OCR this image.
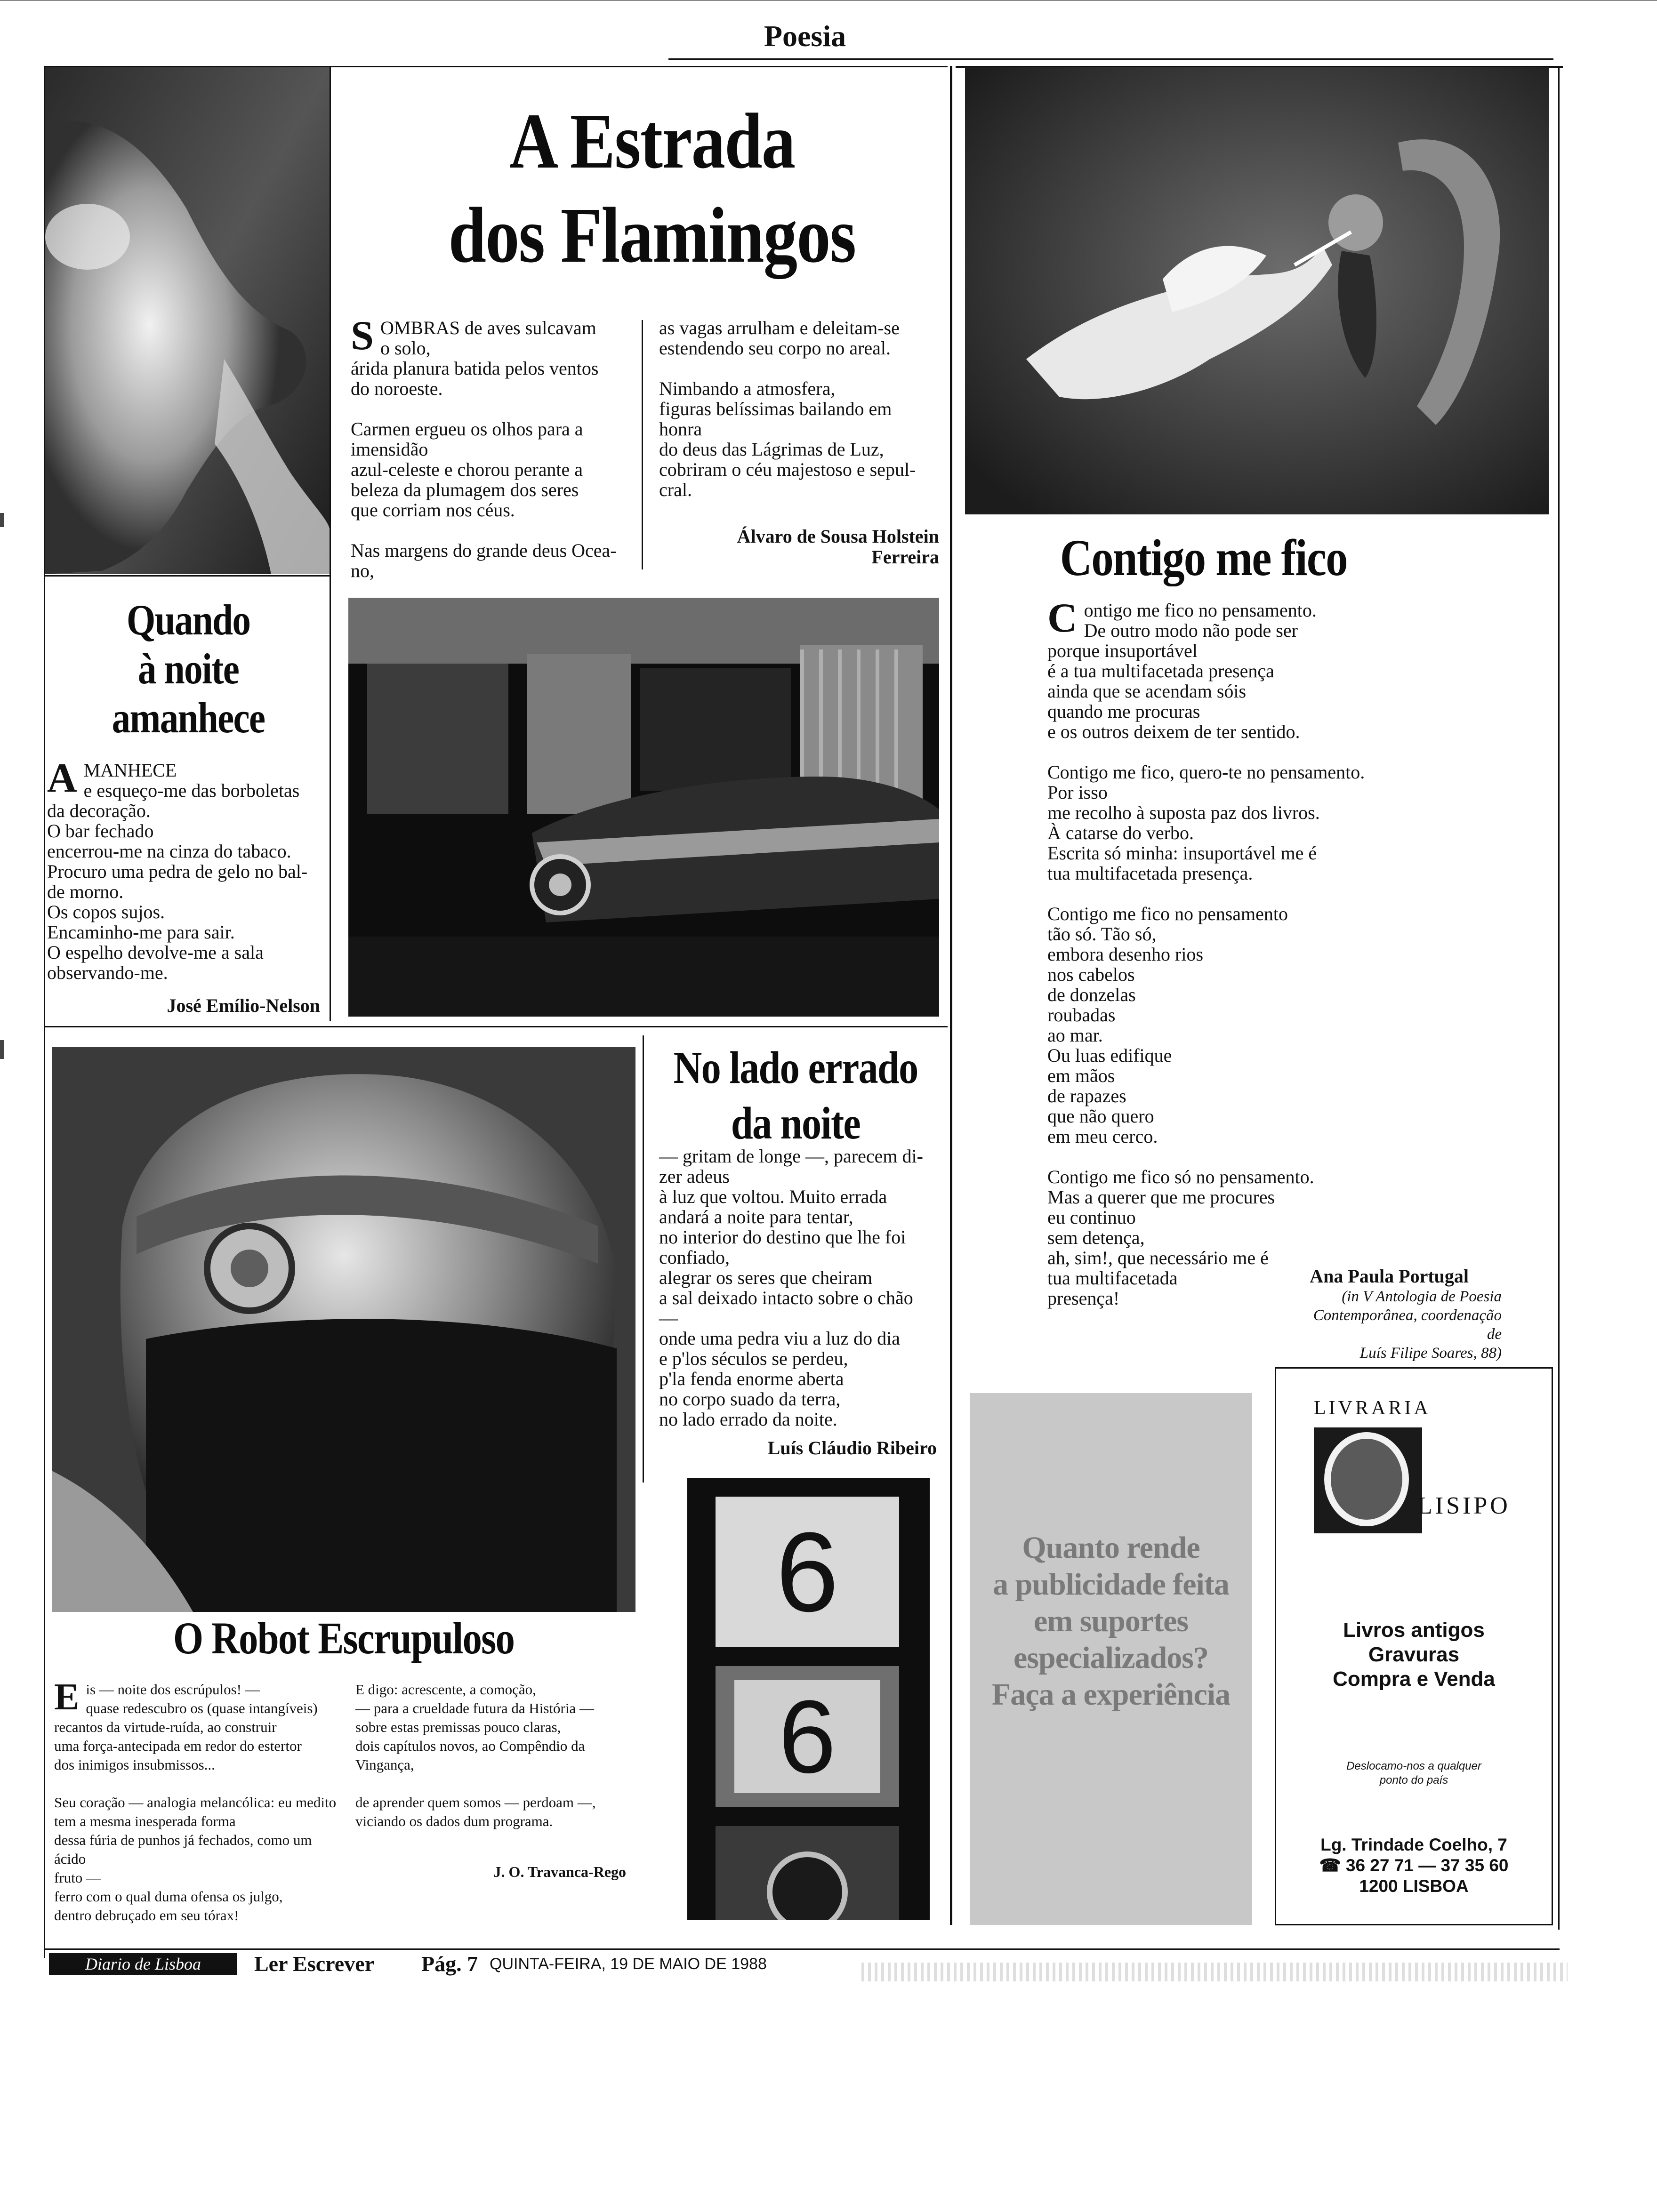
Poesia
A Estrada
dos Flamingos
SOMBRAS de aves sulcavam
o solo,
árida planura batida pelos ventos
do noroeste.

Carmen ergueu os olhos para a
imensidão
azul-celeste e chorou perante a
beleza da plumagem dos seres
que corriam nos céus.

Nas margens do grande deus Ocea-
no,
as vagas arrulham e deleitam-se
estendendo seu corpo no areal.

Nimbando a atmosfera,
figuras belíssimas bailando em
honra
do deus das Lágrimas de Luz,
cobriram o céu majestoso e sepul-
cral.
Álvaro de Sousa Holstein
Ferreira
Quando
à noite
amanhece
AMANHECE
e esqueço-me das borboletas
da decoração.
O bar fechado
encerrou-me na cinza do tabaco.
Procuro uma pedra de gelo no bal-
de morno.
Os copos sujos.
Encaminho-me para sair.
O espelho devolve-me a sala
observando-me.
José Emílio-Nelson
Contigo me fico
Contigo me fico no pensamento.
De outro modo não pode ser
porque insuportável
é a tua multifacetada presença
ainda que se acendam sóis
quando me procuras
e os outros deixem de ter sentido.

Contigo me fico, quero-te no pensamento.
Por isso
me recolho à suposta paz dos livros.
À catarse do verbo.
Escrita só minha: insuportável me é
tua multifacetada presença.

Contigo me fico no pensamento
tão só. Tão só,
embora desenho rios
nos cabelos
de donzelas
roubadas
ao mar.
Ou luas edifique
em mãos
de rapazes
que não quero
em meu cerco.

Contigo me fico só no pensamento.
Mas a querer que me procures
eu continuo
sem detença,
ah, sim!, que necessário me é
tua multifacetada
presença!
Ana Paula Portugal
(in V Antologia de Poesia
Contemporânea, coordenação de
Luís Filipe Soares, 88)
O Robot Escrupuloso
Eis — noite dos escrúpulos! —
quase redescubro os (quase intangíveis)
recantos da virtude-ruída, ao construir
uma força-antecipada em redor do estertor
dos inimigos insubmissos...

Seu coração — analogia melancólica: eu medito
tem a mesma inesperada forma
dessa fúria de punhos já fechados, como um ácido
fruto —
ferro com o qual duma ofensa os julgo,
dentro debruçado em seu tórax!
E digo: acrescente, a comoção,
— para a crueldade futura da História —
sobre estas premissas pouco claras,
dois capítulos novos, ao Compêndio da Vingança,

de aprender quem somos — perdoam —,
viciando os dados dum programa.
J. O. Travanca-Rego
No lado errado
da noite
— gritam de longe —, parecem di-
zer adeus
à luz que voltou. Muito errada
andará a noite para tentar,
no interior do destino que lhe foi
confiado,
alegrar os seres que cheiram
a sal deixado intacto sobre o chão
—
onde uma pedra viu a luz do dia
e p'los séculos se perdeu,
p'la fenda enorme aberta
no corpo suado da terra,
no lado errado da noite.
Luís Cláudio Ribeiro
6
6
Quanto rende
a publicidade feita
em suportes
especializados?
Faça a experiência
LIVRARIA
LISIPO
Livros antigos
Gravuras
Compra e Venda
Deslocamo-nos a qualquer
ponto do país
Lg. Trindade Coelho, 7
☎ 36 27 71 — 37 35 60
1200 LISBOA
Diario de Lisboa	Ler Escrever Pág. 7 QUINTA-FEIRA, 19 DE MAIO DE 1988
